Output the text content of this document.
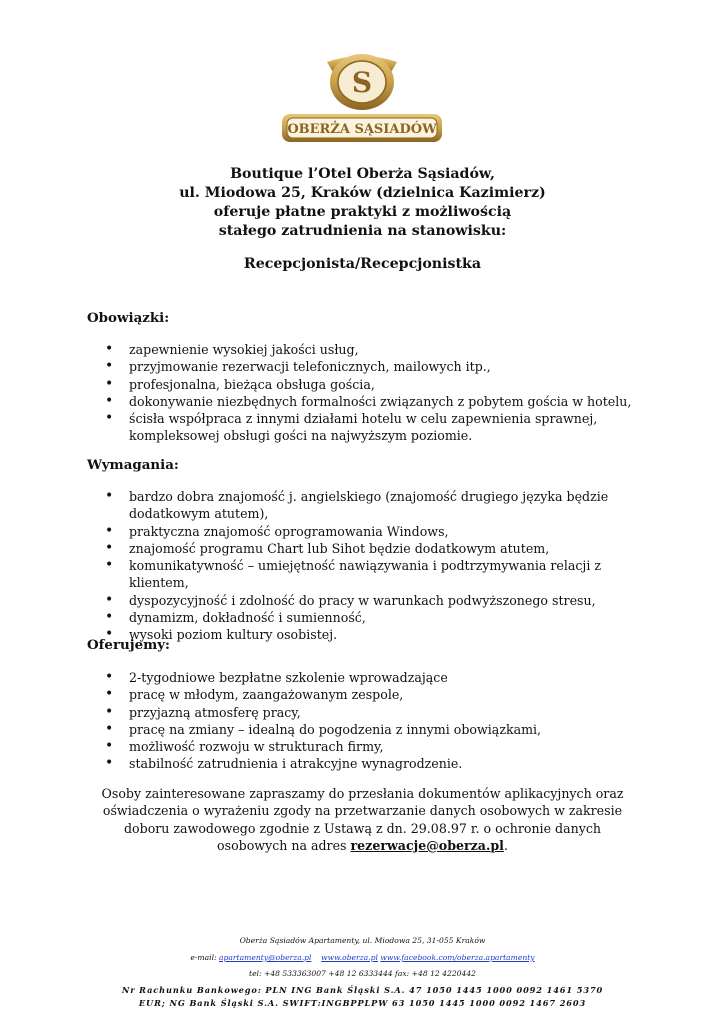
S
OBERŻA SĄSIADÓW
Boutique l’Otel Oberża Sąsiadów,
ul. Miodowa 25, Kraków (dzielnica Kazimierz)
oferuje płatne praktyki z możliwością
stałego zatrudnienia na stanowisku:
Recepcjonista/Recepcjonistka
Obowiązki:
• zapewnienie wysokiej jakości usług,
• przyjmowanie rezerwacji telefonicznych, mailowych itp.,
• profesjonalna, bieżąca obsługa gościa,
• dokonywanie niezbędnych formalności związanych z pobytem gościa w hotelu,
• ścisła współpraca z innymi działami hotelu w celu zapewnienia sprawnej, kompleksowej obsługi gości na najwyższym poziomie.
Wymagania:
• bardzo dobra znajomość j. angielskiego (znajomość drugiego języka będzie dodatkowym atutem),
• praktyczna znajomość oprogramowania Windows,
• znajomość programu Chart lub Sihot będzie dodatkowym atutem,
• komunikatywność – umiejętność nawiązywania i podtrzymywania relacji z klientem,
• dyspozycyjność i zdolność do pracy w warunkach podwyższonego stresu,
• dynamizm, dokładność i sumienność,
• wysoki poziom kultury osobistej.
Oferujemy:
• 2-tygodniowe bezpłatne szkolenie wprowadzające
• pracę w młodym, zaangażowanym zespole,
• przyjazną atmosferę pracy,
• pracę na zmiany – idealną do pogodzenia z innymi obowiązkami,
• możliwość rozwoju w strukturach firmy,
• stabilność zatrudnienia i atrakcyjne wynagrodzenie.
Osoby zainteresowane zapraszamy do przesłania dokumentów aplikacyjnych oraz oświadczenia o wyrażeniu zgody na przetwarzanie danych osobowych w zakresie doboru zawodowego zgodnie z Ustawą z dn. 29.08.97 r. o ochronie danych osobowych na adres rezerwacje@oberza.pl.
Oberża Sąsiadów Apartamenty, ul. Miodowa 25, 31-055 Kraków
e-mail: apartamenty@oberza.pl www.oberza.pl www.facebook.com/oberza.apartamenty
tel: +48 533363007 +48 12 6333444 fax: +48 12 4220442
Nr Rachunku Bankowego: PLN ING Bank Śląski S.A. 47 1050 1445 1000 0092 1461 5370
EUR; NG Bank Śląski S.A. SWIFT:INGBPPLPW 63 1050 1445 1000 0092 1467 2603
